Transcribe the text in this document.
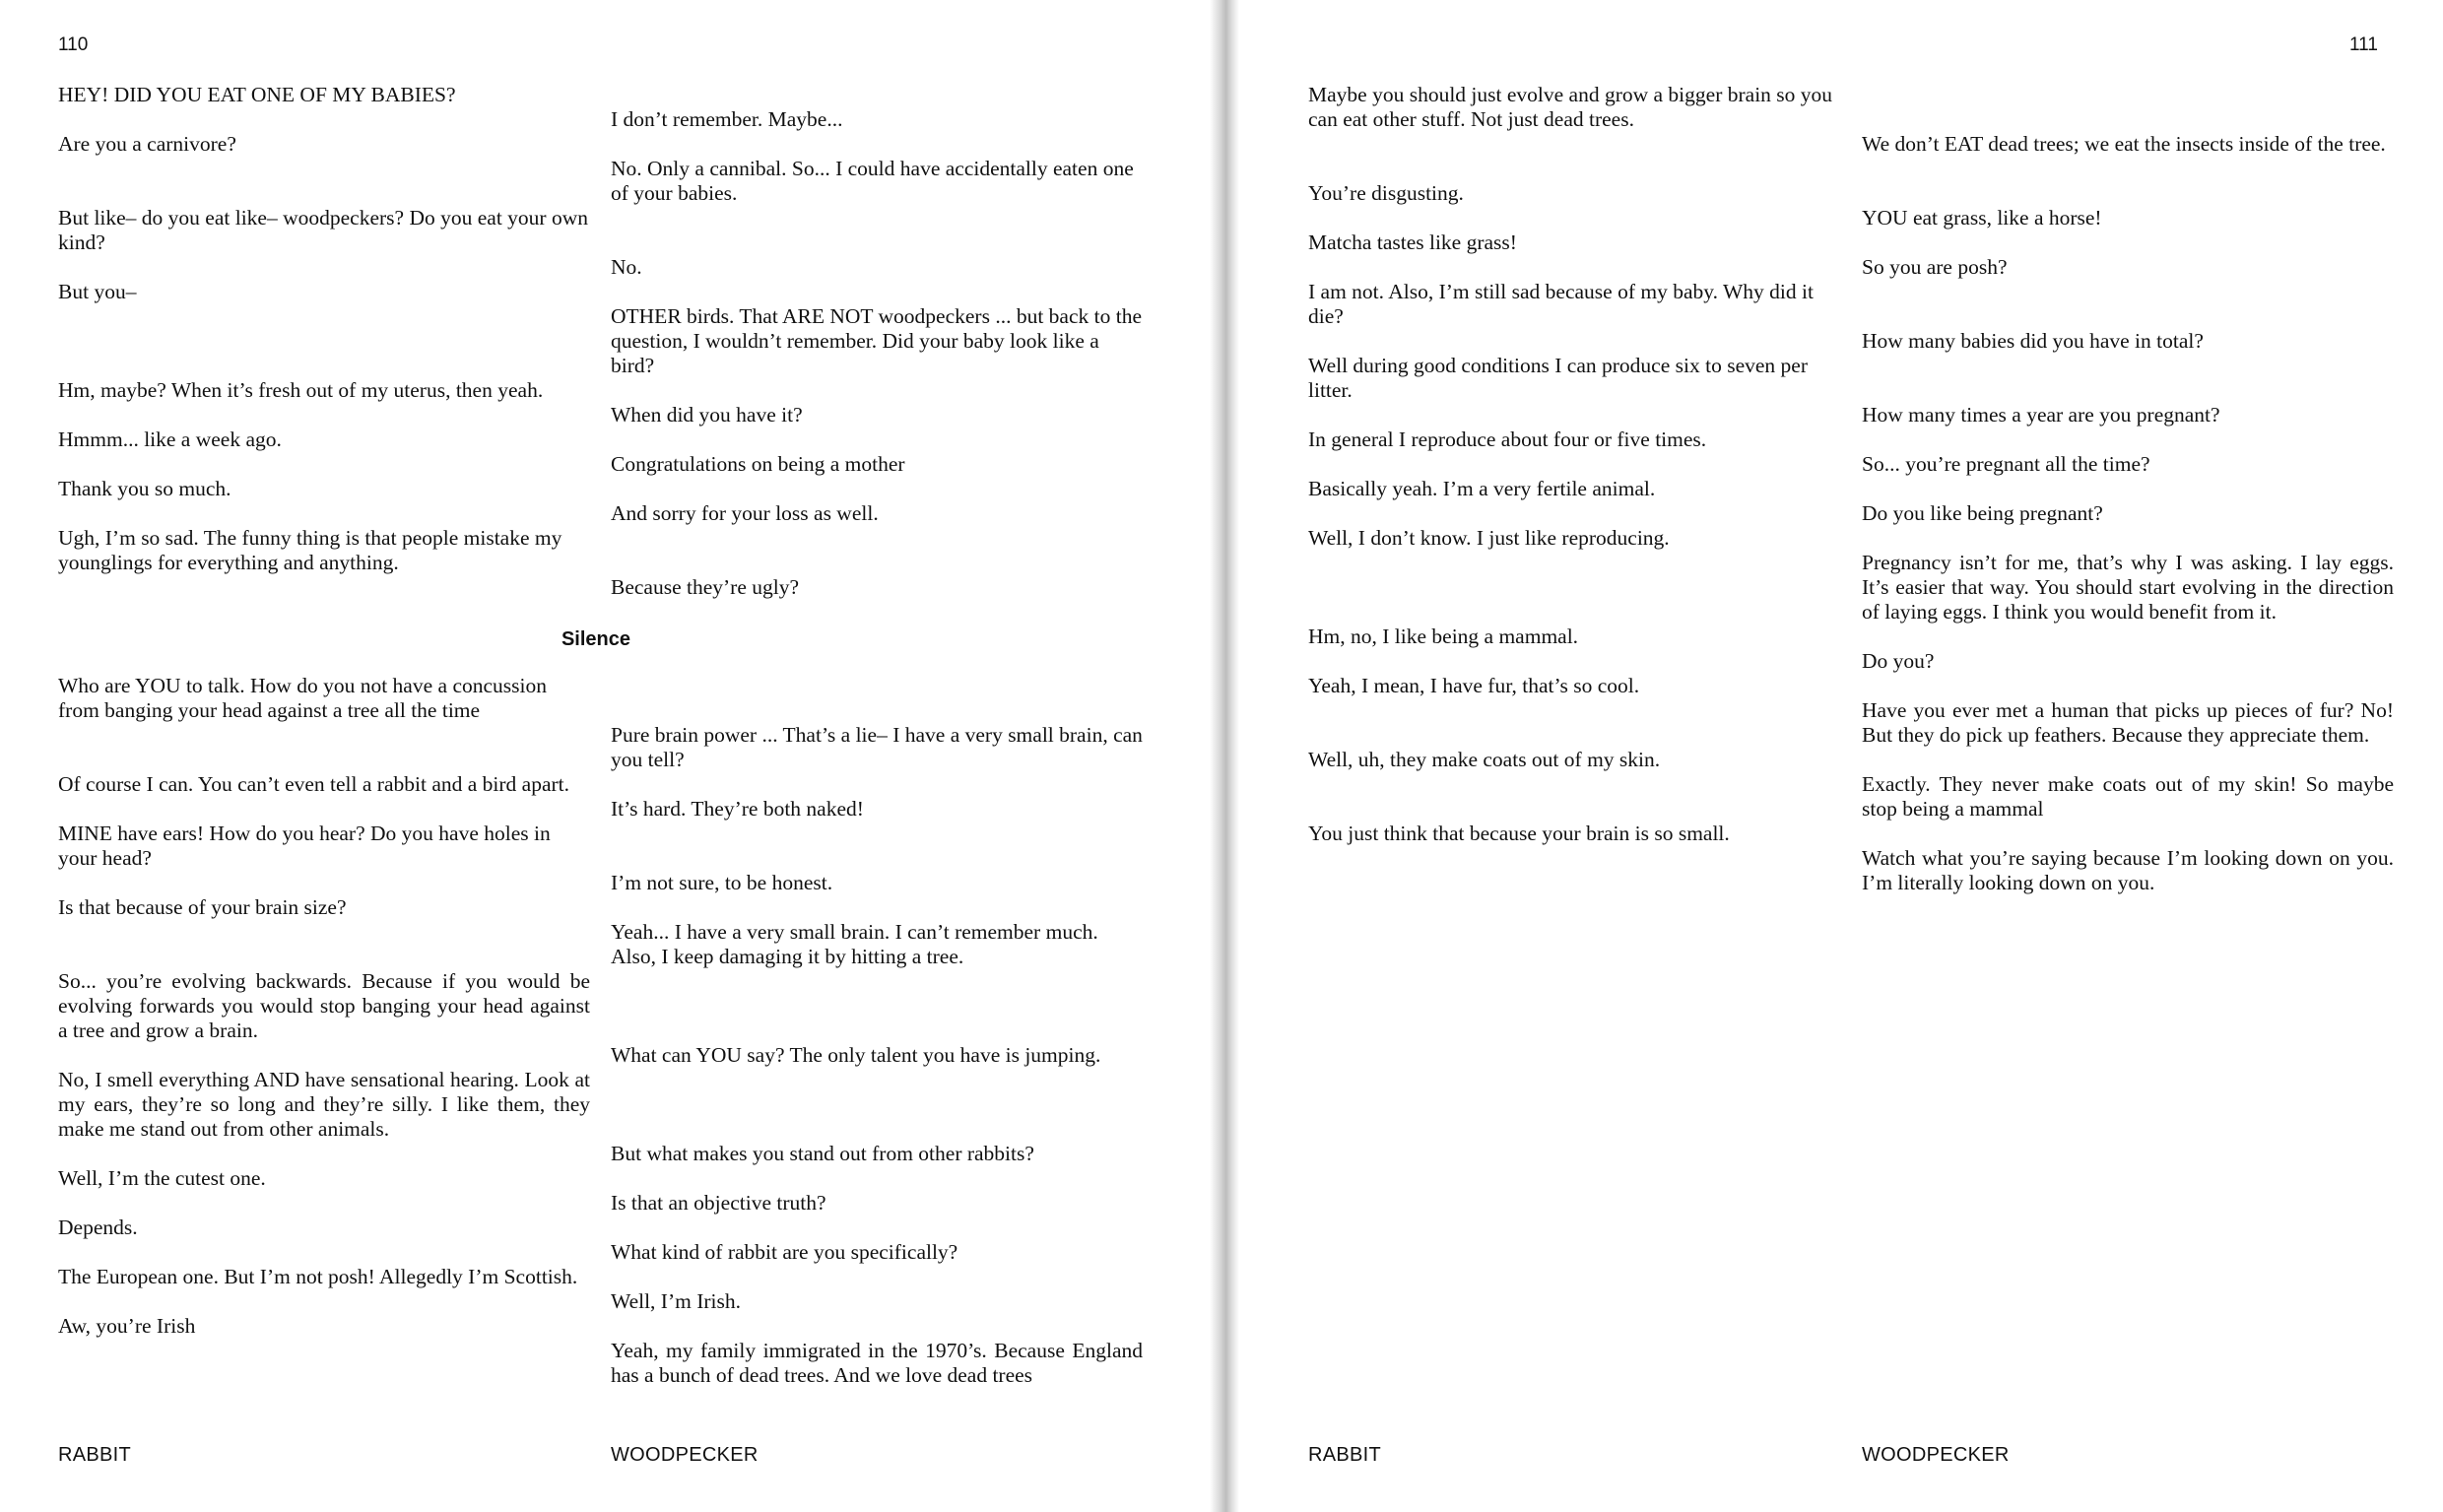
110

HEY! DID YOU EAT ONE OF MY BABIES?

Are you a carnivore?

But like– do you eat like– woodpeckers? Do you eat your own kind?

But you–

Hm, maybe? When it’s fresh out of my uterus, then yeah.

Hmmm... like a week ago.

Thank you so much.

Ugh, I’m so sad. The funny thing is that people mistake my younglings for everything and anything.

Who are YOU to talk. How do you not have a concussion from banging your head against a tree all the time

Of course I can. You can’t even tell a rabbit and a bird apart.

MINE have ears! How do you hear? Do you have holes in your head?

Is that because of your brain size?

So... you’re evolving backwards. Because if you would be evolving forwards you would stop banging your head against a tree and grow a brain.

No, I smell everything AND have sensational hearing. Look at my ears, they’re so long and they’re silly. I like them, they make me stand out from other animals.

Well, I’m the cutest one.

Depends.

The European one. But I’m not posh! Allegedly I’m Scottish.

Aw, you’re Irish

I don’t remember. Maybe...

No. Only a cannibal. So... I could have accidentally eaten one of your babies.

No.

OTHER birds. That ARE NOT woodpeckers ... but back to the question, I wouldn’t remember. Did your baby look like a bird?

When did you have it?

Congratulations on being a mother

And sorry for your loss as well.

Because they’re ugly?

Pure brain power ... That’s a lie– I have a very small brain, can you tell?

It’s hard. They’re both naked!

I’m not sure, to be honest.

Yeah... I have a very small brain. I can’t remember much. Also, I keep damaging it by hitting a tree.

What can YOU say? The only talent you have is jumping.

But what makes you stand out from other rabbits?

Is that an objective truth?

What kind of rabbit are you specifically?

Well, I’m Irish.

Yeah, my family immigrated in the 1970’s. Because England has a bunch of dead trees. And we love dead trees

Silence
RABBIT	WOODPECKER
111

Maybe you should just evolve and grow a bigger brain so you can eat other stuff. Not just dead trees.

You’re disgusting.

Matcha tastes like grass!

I am not. Also, I’m still sad because of my baby. Why did it die?

Well during good conditions I can produce six to seven per litter.

In general I reproduce about four or five times.

Basically yeah. I’m a very fertile animal.

Well, I don’t know. I just like reproducing.

Hm, no, I like being a mammal.

Yeah, I mean, I have fur, that’s so cool.

Well, uh, they make coats out of my skin.

You just think that because your brain is so small.

We don’t EAT dead trees; we eat the insects inside of the tree.

YOU eat grass, like a horse!

So you are posh?

How many babies did you have in total?

How many times a year are you pregnant?

So... you’re pregnant all the time?

Do you like being pregnant?

Pregnancy isn’t for me, that’s why I was asking. I lay eggs. It’s easier that way. You should start evolving in the direction of laying eggs. I think you would benefit from it.

Do you?

Have you ever met a human that picks up pieces of fur? No! But they do pick up feathers. Because they appreciate them.

Exactly. They never make coats out of my skin! So maybe stop being a mammal

Watch what you’re saying because I’m looking down on you. I’m literally looking down on you.

RABBIT	WOODPECKER
